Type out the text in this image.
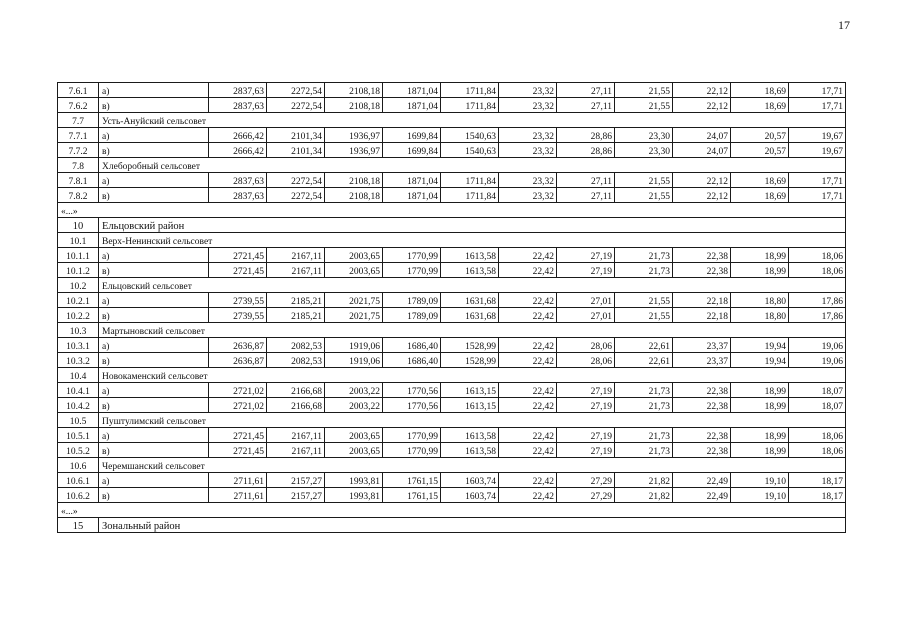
17
7.6.1	а)	2837,63	2272,54	2108,18	1871,04	1711,84	23,32	27,11	21,55	22,12	18,69	17,71
7.6.2	в)	2837,63	2272,54	2108,18	1871,04	1711,84	23,32	27,11	21,55	22,12	18,69	17,71
7.7	Усть-Ануйский сельсовет											
7.7.1	а)	2666,42	2101,34	1936,97	1699,84	1540,63	23,32	28,86	23,30	24,07	20,57	19,67
7.7.2	в)	2666,42	2101,34	1936,97	1699,84	1540,63	23,32	28,86	23,30	24,07	20,57	19,67
7.8	Хлеборобный сельсовет											
7.8.1	а)	2837,63	2272,54	2108,18	1871,04	1711,84	23,32	27,11	21,55	22,12	18,69	17,71
7.8.2	в)	2837,63	2272,54	2108,18	1871,04	1711,84	23,32	27,11	21,55	22,12	18,69	17,71
«...»												
10	Ельцовский район											
10.1	Верх-Ненинский сельсовет											
10.1.1	а)	2721,45	2167,11	2003,65	1770,99	1613,58	22,42	27,19	21,73	22,38	18,99	18,06
10.1.2	в)	2721,45	2167,11	2003,65	1770,99	1613,58	22,42	27,19	21,73	22,38	18,99	18,06
10.2	Ельцовский сельсовет											
10.2.1	а)	2739,55	2185,21	2021,75	1789,09	1631,68	22,42	27,01	21,55	22,18	18,80	17,86
10.2.2	в)	2739,55	2185,21	2021,75	1789,09	1631,68	22,42	27,01	21,55	22,18	18,80	17,86
10.3	Мартыновский сельсовет											
10.3.1	а)	2636,87	2082,53	1919,06	1686,40	1528,99	22,42	28,06	22,61	23,37	19,94	19,06
10.3.2	в)	2636,87	2082,53	1919,06	1686,40	1528,99	22,42	28,06	22,61	23,37	19,94	19,06
10.4	Новокаменский сельсовет											
10.4.1	а)	2721,02	2166,68	2003,22	1770,56	1613,15	22,42	27,19	21,73	22,38	18,99	18,07
10.4.2	в)	2721,02	2166,68	2003,22	1770,56	1613,15	22,42	27,19	21,73	22,38	18,99	18,07
10.5	Пуштулимский сельсовет											
10.5.1	а)	2721,45	2167,11	2003,65	1770,99	1613,58	22,42	27,19	21,73	22,38	18,99	18,06
10.5.2	в)	2721,45	2167,11	2003,65	1770,99	1613,58	22,42	27,19	21,73	22,38	18,99	18,06
10.6	Черемшанский сельсовет											
10.6.1	а)	2711,61	2157,27	1993,81	1761,15	1603,74	22,42	27,29	21,82	22,49	19,10	18,17
10.6.2	в)	2711,61	2157,27	1993,81	1761,15	1603,74	22,42	27,29	21,82	22,49	19,10	18,17
«...»												
15	Зональный район											
